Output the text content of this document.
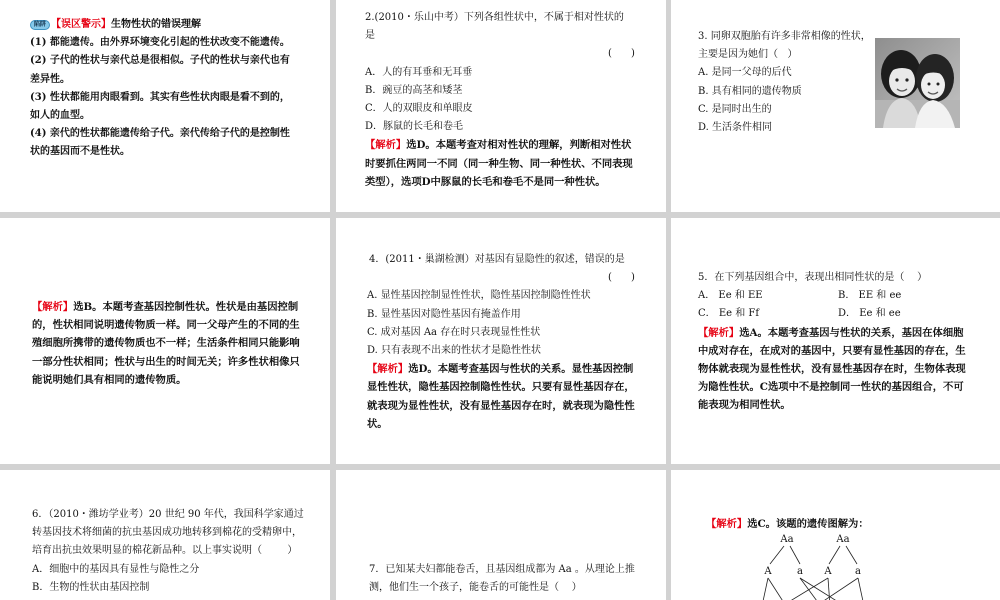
陷阱 【误区警示】生物性状的错误理解
(1) 都能遗传。由外界环境变化引起的性状改变不能遗传。
(2) 子代的性状与亲代总是很相似。子代的性状与亲代也有
差异性。
(3) 性状都能用肉眼看到。其实有些性状肉眼是看不到的，
如人的血型。
(4) 亲代的性状都能遗传给子代。亲代传给子代的是控制性
状的基因而不是性状。
2.(2010・乐山中考）下列各组性状中，不属于相对性状的
是
(      )
A．人的有耳垂和无耳垂
B．豌豆的高茎和矮茎
C．人的双眼皮和单眼皮
D．豚鼠的长毛和卷毛
【解析】选D。本题考查对相对性状的理解，判断相对性状
时要抓住两同一不同（同一种生物、同一种性状、不同表现
类型），选项D中豚鼠的长毛和卷毛不是同一种性状。
3. 同卵双胞胎有许多非常相像的性状，
主要是因为她们（   ）
A. 是同一父母的后代
B. 具有相同的遗传物质
C. 是同时出生的
D. 生活条件相同
【解析】选B。本题考查基因控制性状。性状是由基因控制
的，性状相同说明遗传物质一样。同一父母产生的不同的生
殖细胞所携带的遗传物质也不一样；生活条件相同只能影响
一部分性状相同；性状与出生的时间无关；许多性状相像只
能说明她们具有相同的遗传物质。
4．(2011・巢湖检测）对基因有显隐性的叙述，错误的是
(      )
A. 显性基因控制显性性状，隐性基因控制隐性性状
B. 显性基因对隐性基因有掩盖作用
C. 成对基因 Aa 存在时只表现显性性状
D. 只有表现不出来的性状才是隐性性状
【解析】选D。本题考查基因与性状的关系。显性基因控制
显性性状，隐性基因控制隐性性状。只要有显性基因存在，
就表现为显性性状，没有显性基因存在时，就表现为隐性性
状。
5．在下列基因组合中，表现出相同性状的是（    ）
A． Ee 和 EE	B． EE 和 ee
C． Ee 和 Ff	D． Ee 和 ee
【解析】选A。本题考查基因与性状的关系，基因在体细胞
中成对存在，在成对的基因中，只要有显性基因的存在，生
物体就表现为显性性状，没有显性基因存在时，生物体表现
为隐性性状。C选项中不是控制同一性状的基因组合，不可
能表现为相同性状。
6．（2010・潍坊学业考）20 世纪 90 年代，我国科学家通过
转基因技术将细菌的抗虫基因成功地转移到棉花的受精卵中，
培育出抗虫效果明显的棉花新品种。以上事实说明（        ）
A．细胞中的基因具有显性与隐性之分
B．生物的性状由基因控制
7．已知某夫妇都能卷舌，且基因组成都为 Aa 。从理论上推
测，他们生一个孩子，能卷舌的可能性是（    ）
【解析】选C。该题的遗传图解为：
Aa	Aa
A	a A a
